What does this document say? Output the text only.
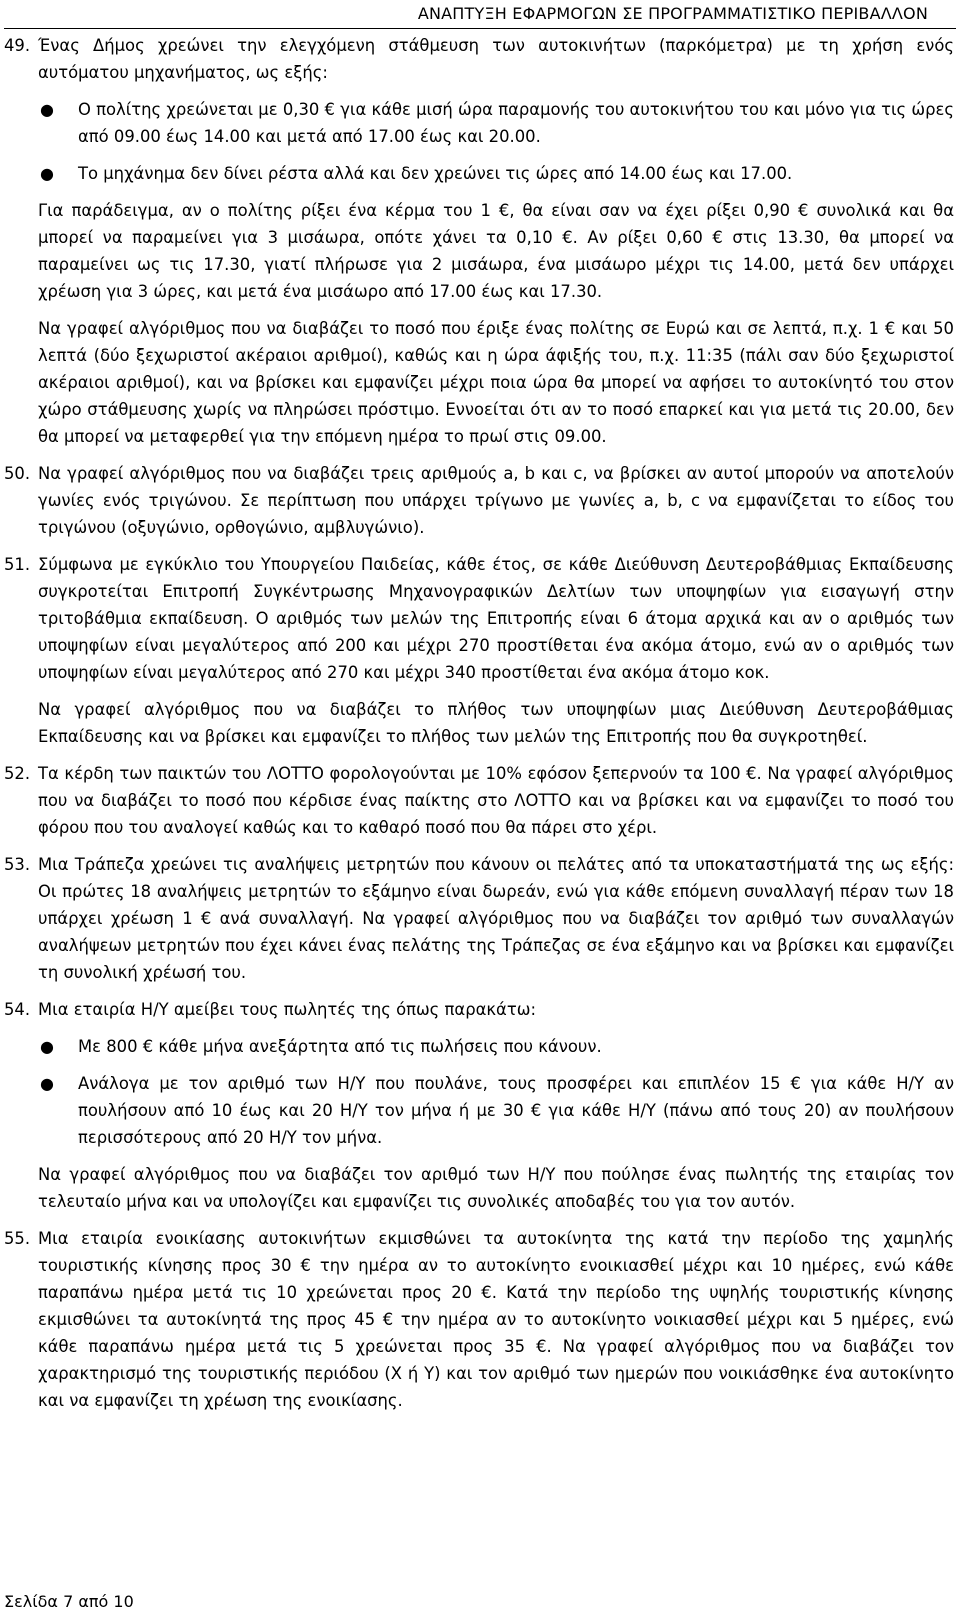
ΑΝΑΠΤΥΞΗ ΕΦΑΡΜΟΓΩΝ ΣΕ ΠΡΟΓΡΑΜΜΑΤΙΣΤΙΚΟ ΠΕΡΙΒΑΛΛΟΝ
49. Ένας Δήμος χρεώνει την ελεγχόμενη στάθμευση των αυτοκινήτων (παρκόμετρα) με τη χρήση ενός αυτόματου μηχανήματος, ως εξής:

● Ο πολίτης χρεώνεται με 0,30 € για κάθε μισή ώρα παραμονής του αυτοκινήτου του και μόνο για τις ώρες από 09.00 έως 14.00 και μετά από 17.00 έως και 20.00.

● Το μηχάνημα δεν δίνει ρέστα αλλά και δεν χρεώνει τις ώρες από 14.00 έως και 17.00.

Για παράδειγμα, αν ο πολίτης ρίξει ένα κέρμα του 1 €, θα είναι σαν να έχει ρίξει 0,90 € συνολικά και θα μπορεί να παραμείνει για 3 μισάωρα, οπότε χάνει τα 0,10 €. Αν ρίξει 0,60 € στις 13.30, θα μπορεί να παραμείνει ως τις 17.30, γιατί πλήρωσε για 2 μισάωρα, ένα μισάωρο μέχρι τις 14.00, μετά δεν υπάρχει χρέωση για 3 ώρες, και μετά ένα μισάωρο από 17.00 έως και 17.30.

Να γραφεί αλγόριθμος που να διαβάζει το ποσό που έριξε ένας πολίτης σε Ευρώ και σε λεπτά, π.χ. 1 € και 50 λεπτά (δύο ξεχωριστοί ακέραιοι αριθμοί), καθώς και η ώρα άφιξής του, π.χ. 11:35 (πάλι σαν δύο ξεχωριστοί ακέραιοι αριθμοί), και να βρίσκει και εμφανίζει μέχρι ποια ώρα θα μπορεί να αφήσει το αυτοκίνητό του στον χώρο στάθμευσης χωρίς να πληρώσει πρόστιμο. Εννοείται ότι αν το ποσό επαρκεί και για μετά τις 20.00, δεν θα μπορεί να μεταφερθεί για την επόμενη ημέρα το πρωί στις 09.00.

50. Να γραφεί αλγόριθμος που να διαβάζει τρεις αριθμούς a, b και c, να βρίσκει αν αυτοί μπορούν να αποτελούν γωνίες ενός τριγώνου. Σε περίπτωση που υπάρχει τρίγωνο με γωνίες a, b, c να εμφανίζεται το είδος του τριγώνου (οξυγώνιο, ορθογώνιο, αμβλυγώνιο).

51. Σύμφωνα με εγκύκλιο του Υπουργείου Παιδείας, κάθε έτος, σε κάθε Διεύθυνση Δευτεροβάθμιας Εκπαίδευσης συγκροτείται Επιτροπή Συγκέντρωσης Μηχανογραφικών Δελτίων των υποψηφίων για εισαγωγή στην τριτοβάθμια εκπαίδευση. Ο αριθμός των μελών της Επιτροπής είναι 6 άτομα αρχικά και αν ο αριθμός των υποψηφίων είναι μεγαλύτερος από 200 και μέχρι 270 προστίθεται ένα ακόμα άτομο, ενώ αν ο αριθμός των υποψηφίων είναι μεγαλύτερος από 270 και μέχρι 340 προστίθεται ένα ακόμα άτομο κοκ.

Να γραφεί αλγόριθμος που να διαβάζει το πλήθος των υποψηφίων μιας Διεύθυνση Δευτεροβάθμιας Εκπαίδευσης και να βρίσκει και εμφανίζει το πλήθος των μελών της Επιτροπής που θα συγκροτηθεί.

52. Τα κέρδη των παικτών του ΛΟΤΤΟ φορολογούνται με 10% εφόσον ξεπερνούν τα 100 €. Να γραφεί αλγόριθμος που να διαβάζει το ποσό που κέρδισε ένας παίκτης στο ΛΟΤΤΟ και να βρίσκει και να εμφανίζει το ποσό του φόρου που του αναλογεί καθώς και το καθαρό ποσό που θα πάρει στο χέρι.

53. Μια Τράπεζα χρεώνει τις αναλήψεις μετρητών που κάνουν οι πελάτες από τα υποκαταστήματά της ως εξής: Οι πρώτες 18 αναλήψεις μετρητών το εξάμηνο είναι δωρεάν, ενώ για κάθε επόμενη συναλλαγή πέραν των 18 υπάρχει χρέωση 1 € ανά συναλλαγή. Να γραφεί αλγόριθμος που να διαβάζει τον αριθμό των συναλλαγών αναλήψεων μετρητών που έχει κάνει ένας πελάτης της Τράπεζας σε ένα εξάμηνο και να βρίσκει και εμφανίζει τη συνολική χρέωσή του.

54. Μια εταιρία Η/Υ αμείβει τους πωλητές της όπως παρακάτω:

● Με 800 € κάθε μήνα ανεξάρτητα από τις πωλήσεις που κάνουν.

● Ανάλογα με τον αριθμό των Η/Υ που πουλάνε, τους προσφέρει και επιπλέον 15 € για κάθε Η/Υ αν πουλήσουν από 10 έως και 20 Η/Υ τον μήνα ή με 30 € για κάθε Η/Υ (πάνω από τους 20) αν πουλήσουν περισσότερους από 20 Η/Υ τον μήνα.

Να γραφεί αλγόριθμος που να διαβάζει τον αριθμό των Η/Υ που πούλησε ένας πωλητής της εταιρίας τον τελευταίο μήνα και να υπολογίζει και εμφανίζει τις συνολικές αποδαβές του για τον αυτόν.

55. Μια εταιρία ενοικίασης αυτοκινήτων εκμισθώνει τα αυτοκίνητα της κατά την περίοδο της χαμηλής τουριστικής κίνησης προς 30 € την ημέρα αν το αυτοκίνητο ενοικιασθεί μέχρι και 10 ημέρες, ενώ κάθε παραπάνω ημέρα μετά τις 10 χρεώνεται προς 20 €. Κατά την περίοδο της υψηλής τουριστικής κίνησης εκμισθώνει τα αυτοκίνητά της προς 45 € την ημέρα αν το αυτοκίνητο νοικιασθεί μέχρι και 5 ημέρες, ενώ κάθε παραπάνω ημέρα μετά τις 5 χρεώνεται προς 35 €. Να γραφεί αλγόριθμος που να διαβάζει τον χαρακτηρισμό της τουριστικής περιόδου (Χ ή Υ) και τον αριθμό των ημερών που νοικιάσθηκε ένα αυτοκίνητο και να εμφανίζει τη χρέωση της ενοικίασης.

Σελίδα 7 από 10
